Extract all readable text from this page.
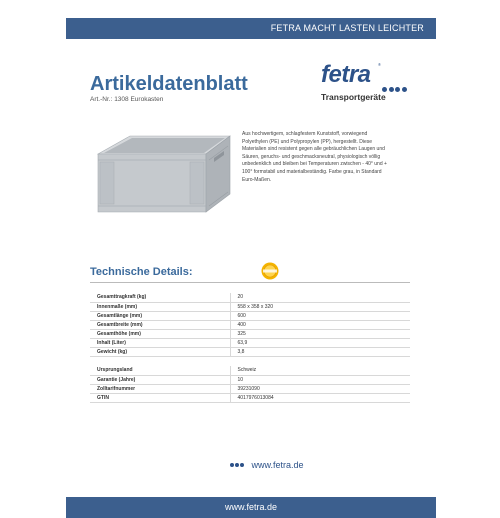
FETRA MACHT LASTEN LEICHTER
Artikeldatenblatt
Art.-Nr.: 1308 Eurokasten
fetra ®
Transportgeräte
Aus hochwertigem, schlagfestem Kunststoff, vorwiegend Polyethylen (PE) und Polypropylen (PP), hergestellt. Diese Materialien sind resistent gegen alle gebräuchlichen Laugen und Säuren, geruchs- und geschmacksneutral, physiologisch völlig unbedenklich und bleiben bei Temperaturen zwischen - 40° und + 100° formstabil und materialbeständig. Farbe grau, in Standard Euro-Maßen.
Technische Details:
Gesamttragkraft (kg)	20
Innenmaße (mm)	558 x 358 x 320
Gesamtlänge (mm)	600
Gesamtbreite (mm)	400
Gesamthöhe (mm)	325
Inhalt (Liter)	63,9
Gewicht (kg)	3,8

Ursprungsland	Schweiz
Garantie (Jahre)	10
Zolltarifnummer	39231090
GTIN	4017976013084
www.fetra.de
www.fetra.de
